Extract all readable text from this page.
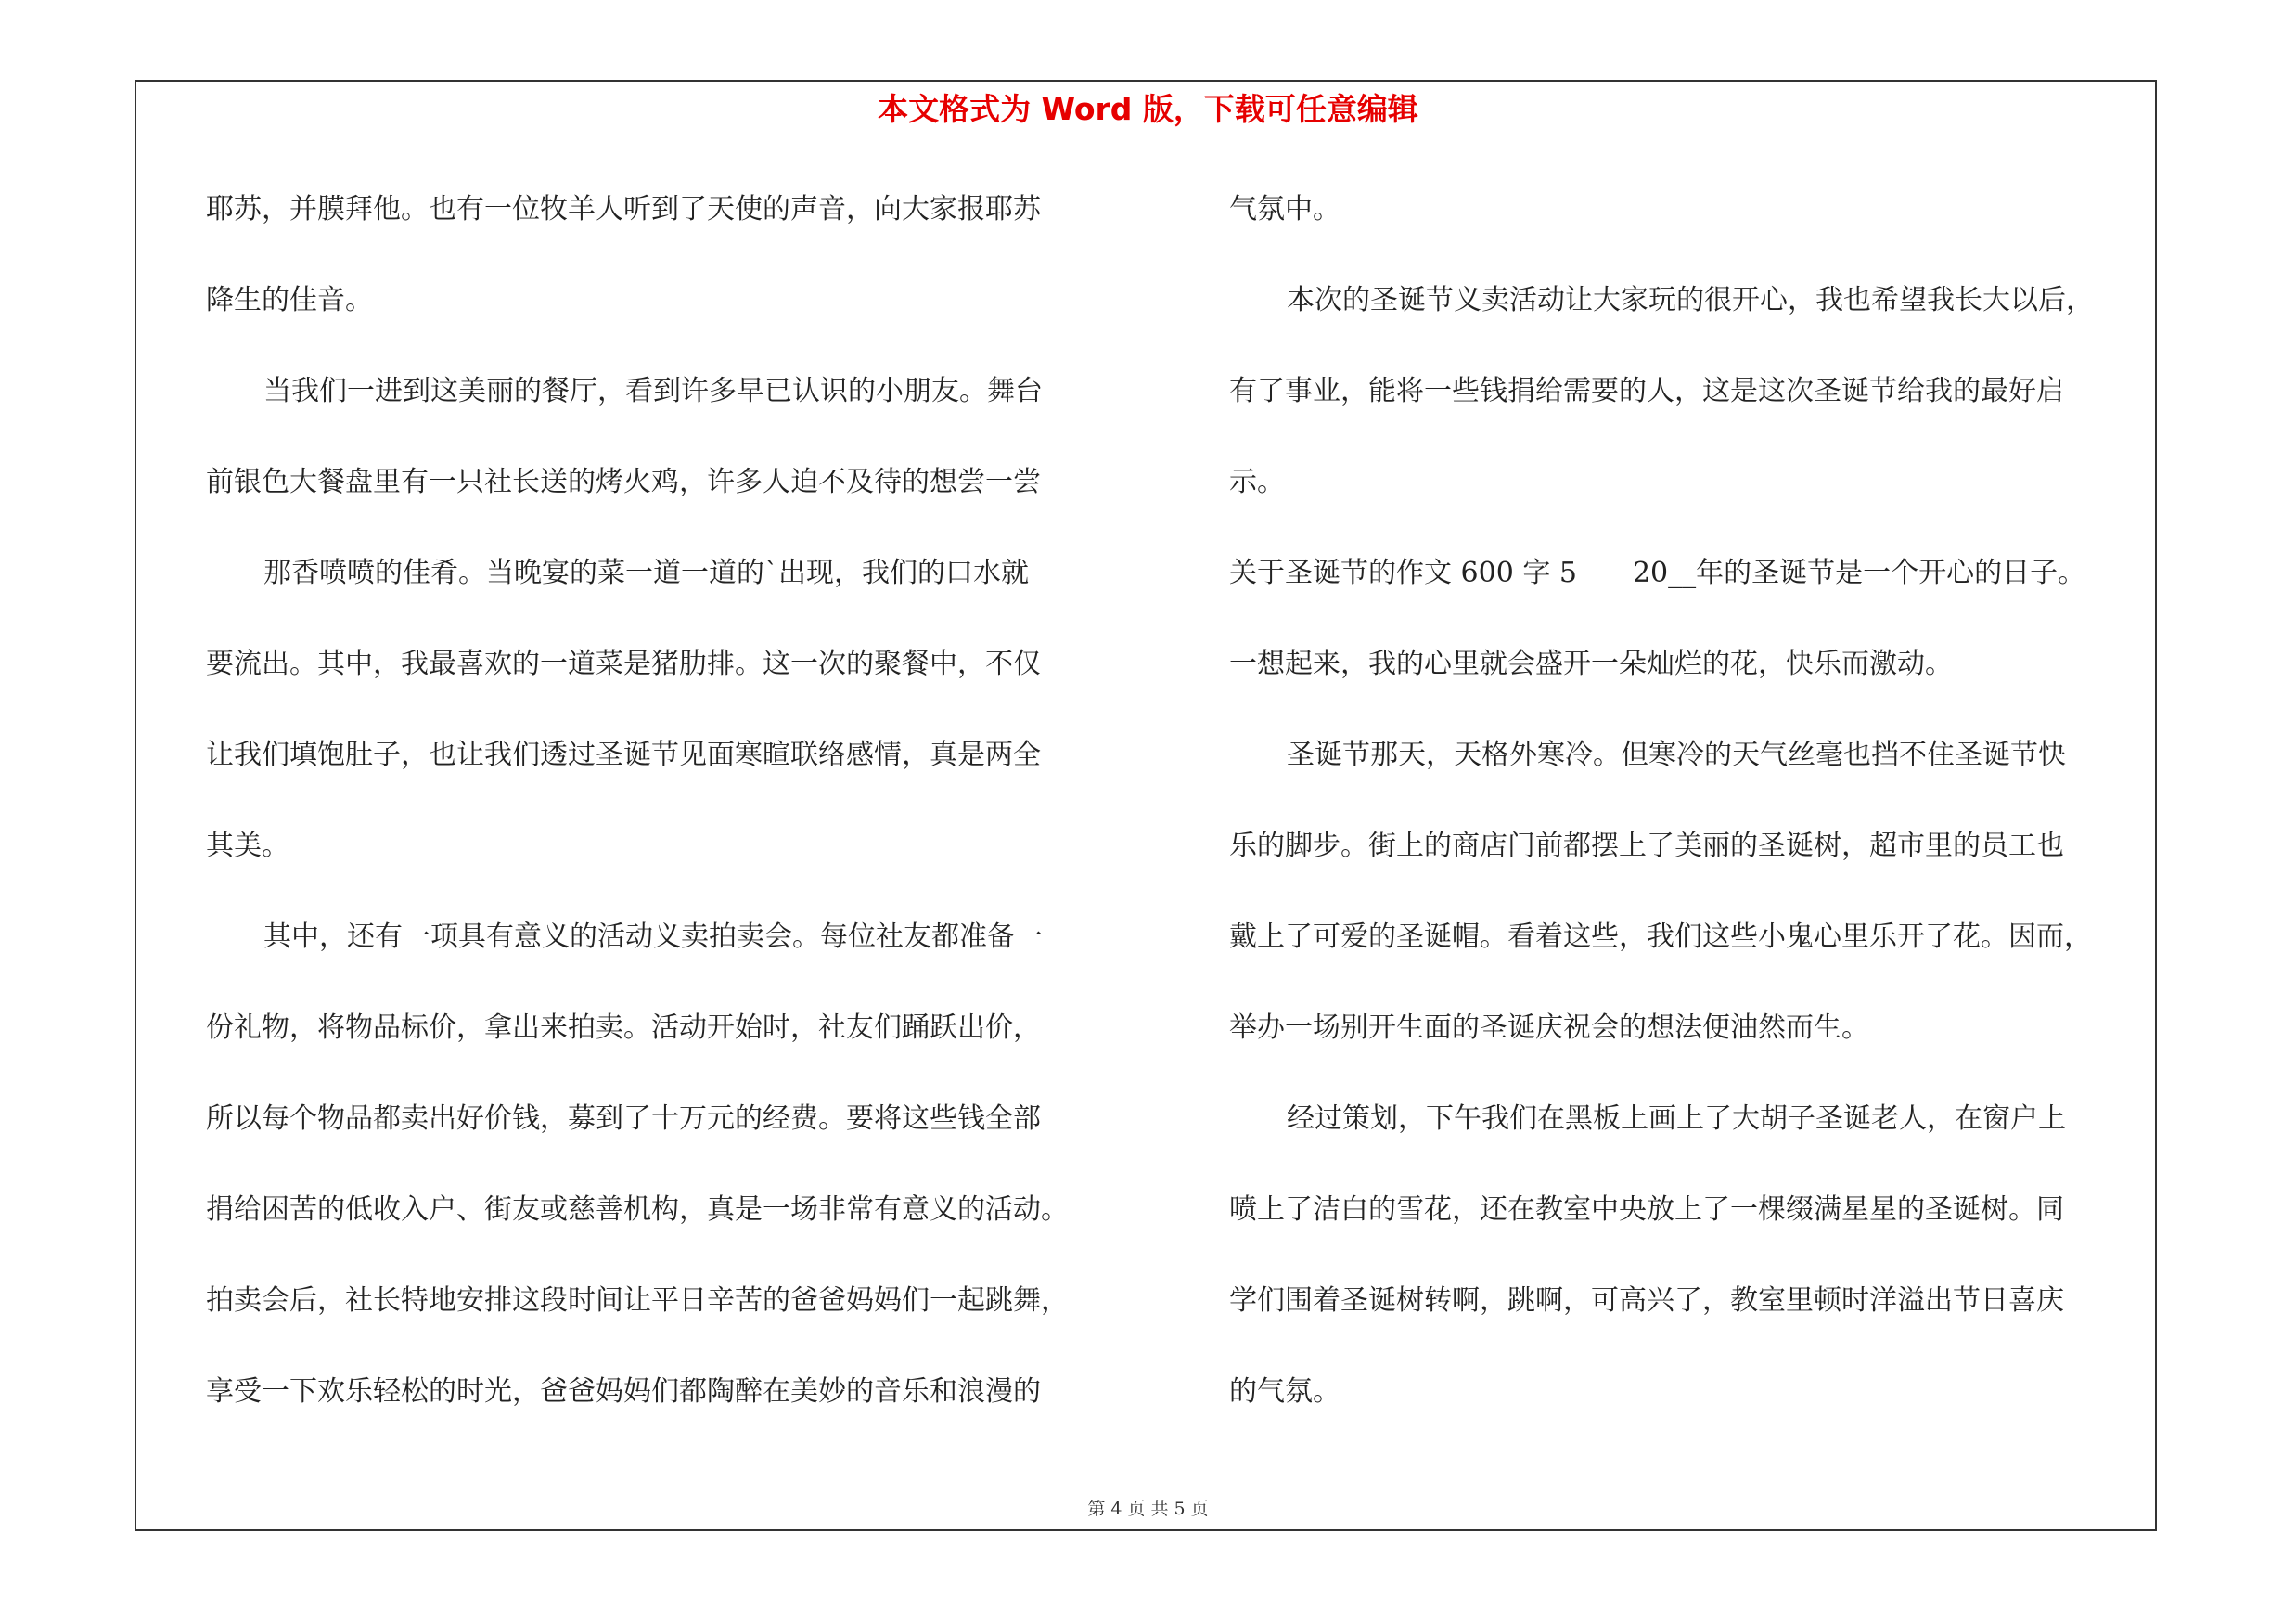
本文格式为 Word 版，下载可任意编辑
耶苏，并膜拜他。也有一位牧羊人听到了天使的声音，向大家报耶苏
降生的佳音。
当我们一进到这美丽的餐厅，看到许多早已认识的小朋友。舞台
前银色大餐盘里有一只社长送的烤火鸡，许多人迫不及待的想尝一尝
那香喷喷的佳肴。当晚宴的菜一道一道的`出现，我们的口水就
要流出。其中，我最喜欢的一道菜是猪肋排。这一次的聚餐中，不仅
让我们填饱肚子，也让我们透过圣诞节见面寒暄联络感情，真是两全
其美。
其中，还有一项具有意义的活动义卖拍卖会。每位社友都准备一
份礼物，将物品标价，拿出来拍卖。活动开始时，社友们踊跃出价，
所以每个物品都卖出好价钱，募到了十万元的经费。要将这些钱全部
捐给困苦的低收入户、街友或慈善机构，真是一场非常有意义的活动。
拍卖会后，社长特地安排这段时间让平日辛苦的爸爸妈妈们一起跳舞，
享受一下欢乐轻松的时光，爸爸妈妈们都陶醉在美妙的音乐和浪漫的
气氛中。
本次的圣诞节义卖活动让大家玩的很开心，我也希望我长大以后，
有了事业，能将一些钱捐给需要的人，这是这次圣诞节给我的最好启
示。
关于圣诞节的作文 600 字 5　　20__年的圣诞节是一个开心的日子。
一想起来，我的心里就会盛开一朵灿烂的花，快乐而激动。
圣诞节那天，天格外寒冷。但寒冷的天气丝毫也挡不住圣诞节快
乐的脚步。街上的商店门前都摆上了美丽的圣诞树，超市里的员工也
戴上了可爱的圣诞帽。看着这些，我们这些小鬼心里乐开了花。因而，
举办一场别开生面的圣诞庆祝会的想法便油然而生。
经过策划，下午我们在黑板上画上了大胡子圣诞老人，在窗户上
喷上了洁白的雪花，还在教室中央放上了一棵缀满星星的圣诞树。同
学们围着圣诞树转啊，跳啊，可高兴了，教室里顿时洋溢出节日喜庆
的气氛。
第 4 页 共 5 页
